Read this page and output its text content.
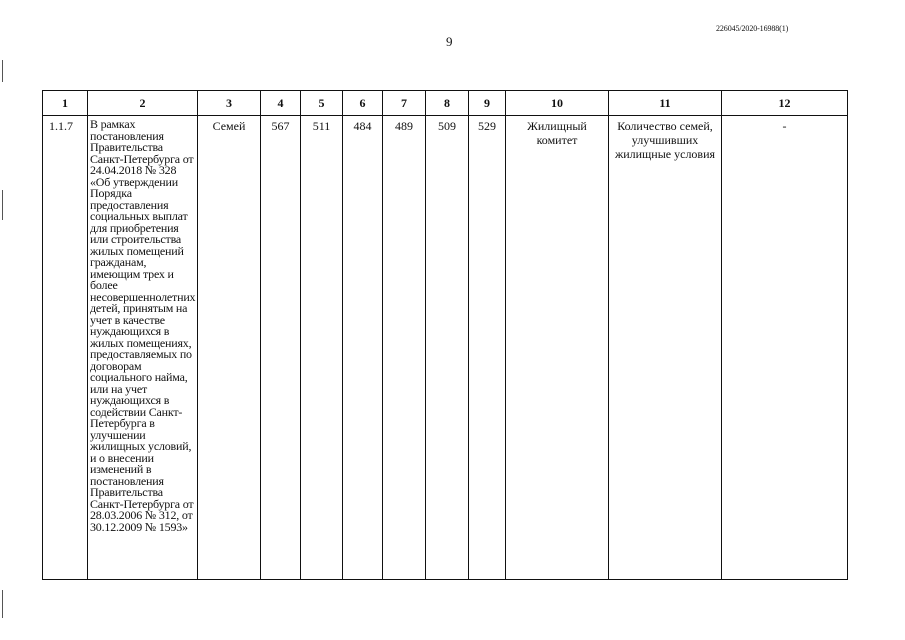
226045/2020-16988(1)
9
1	2	3	4	5	6	7	8	9	10	11	12
1.1.7	В рамках постановления Правительства Санкт-Петербурга от 24.04.2018 № 328 «Об утверждении Порядка предоставления социальных выплат для приобретения или строительства жилых помещений гражданам, имеющим трех и более несовершеннолетних детей, принятым на учет в качестве нуждающихся в жилых помещениях, предоставляемых по договорам социального найма, или на учет нуждающихся в содействии Санкт-Петербурга в улучшении жилищных условий, и о внесении изменений в постановления Правительства Санкт-Петербурга от 28.03.2006 № 312, от 30.12.2009 № 1593»	Семей	567	511	484	489	509	529	Жилищный комитет	Количество семей, улучшивших жилищные условия	-
